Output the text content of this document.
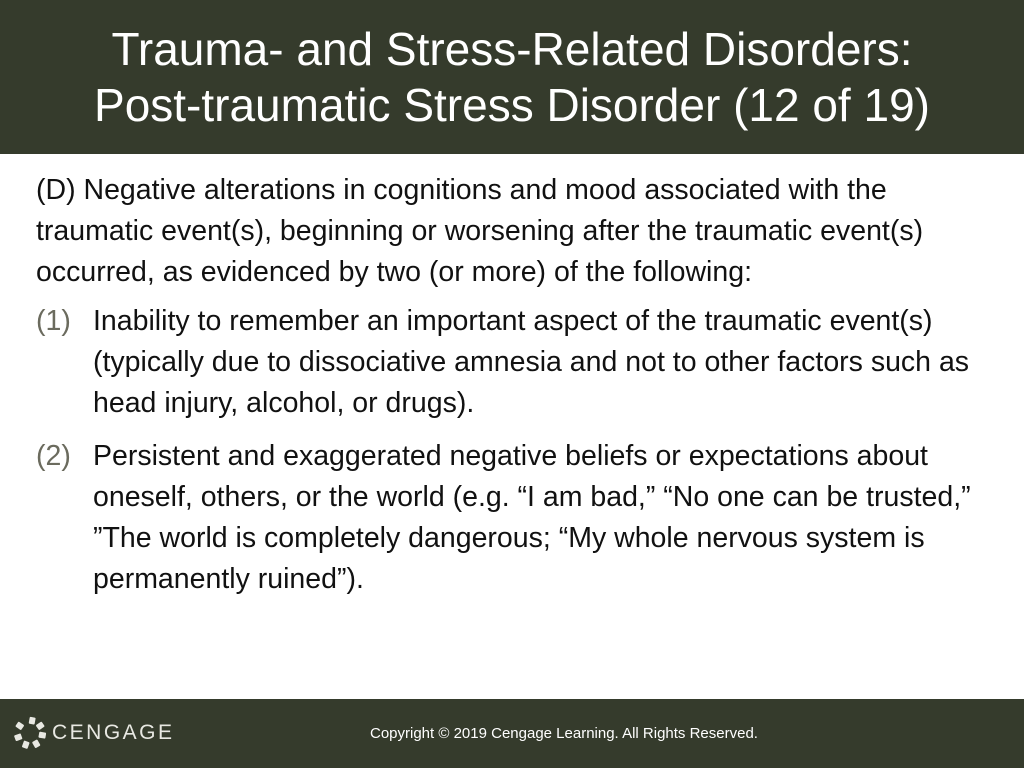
Trauma- and Stress-Related Disorders:
Post-traumatic Stress Disorder (12 of 19)

(D) Negative alterations in cognitions and mood associated with the traumatic event(s), beginning or worsening after the traumatic event(s) occurred, as evidenced by two (or more) of the following:

(1) Inability to remember an important aspect of the traumatic event(s) (typically due to dissociative amnesia and not to other factors such as head injury, alcohol, or drugs).
(2) Persistent and exaggerated negative beliefs or expectations about oneself, others, or the world (e.g. “I am bad,” “No one can be trusted,” ”The world is completely dangerous; “My whole nervous system is permanently ruined”).
CENGAGE	Copyright © 2019 Cengage Learning. All Rights Reserved.
